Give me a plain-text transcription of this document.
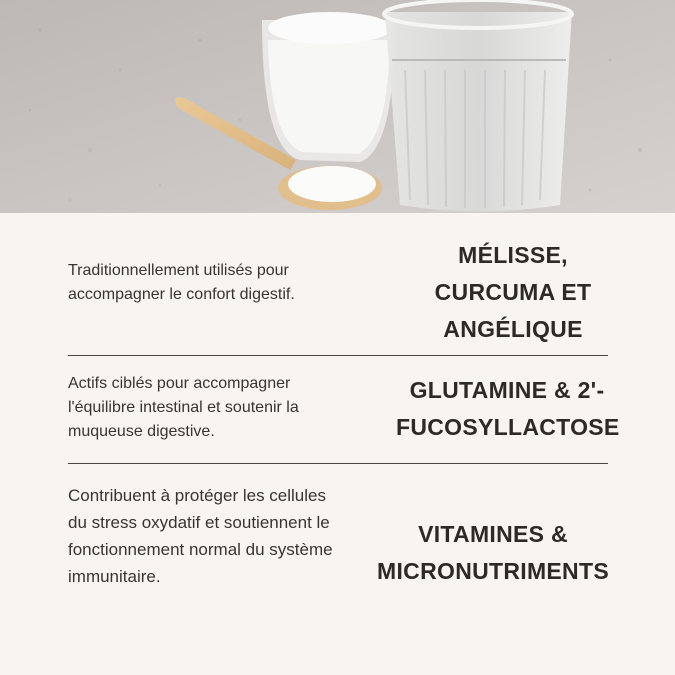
Traditionnellement utilisés pour accompagner le confort digestif.

MÉLISSE, CURCUMA ET ANGÉLIQUE

Actifs ciblés pour accompagner l'équilibre intestinal et soutenir la muqueuse digestive.

GLUTAMINE & 2'-FUCOSYLLACTOSE

Contribuent à protéger les cellules du stress oxydatif et soutiennent le fonctionnement normal du système immunitaire.

VITAMINES & MICRONUTRIMENTS
